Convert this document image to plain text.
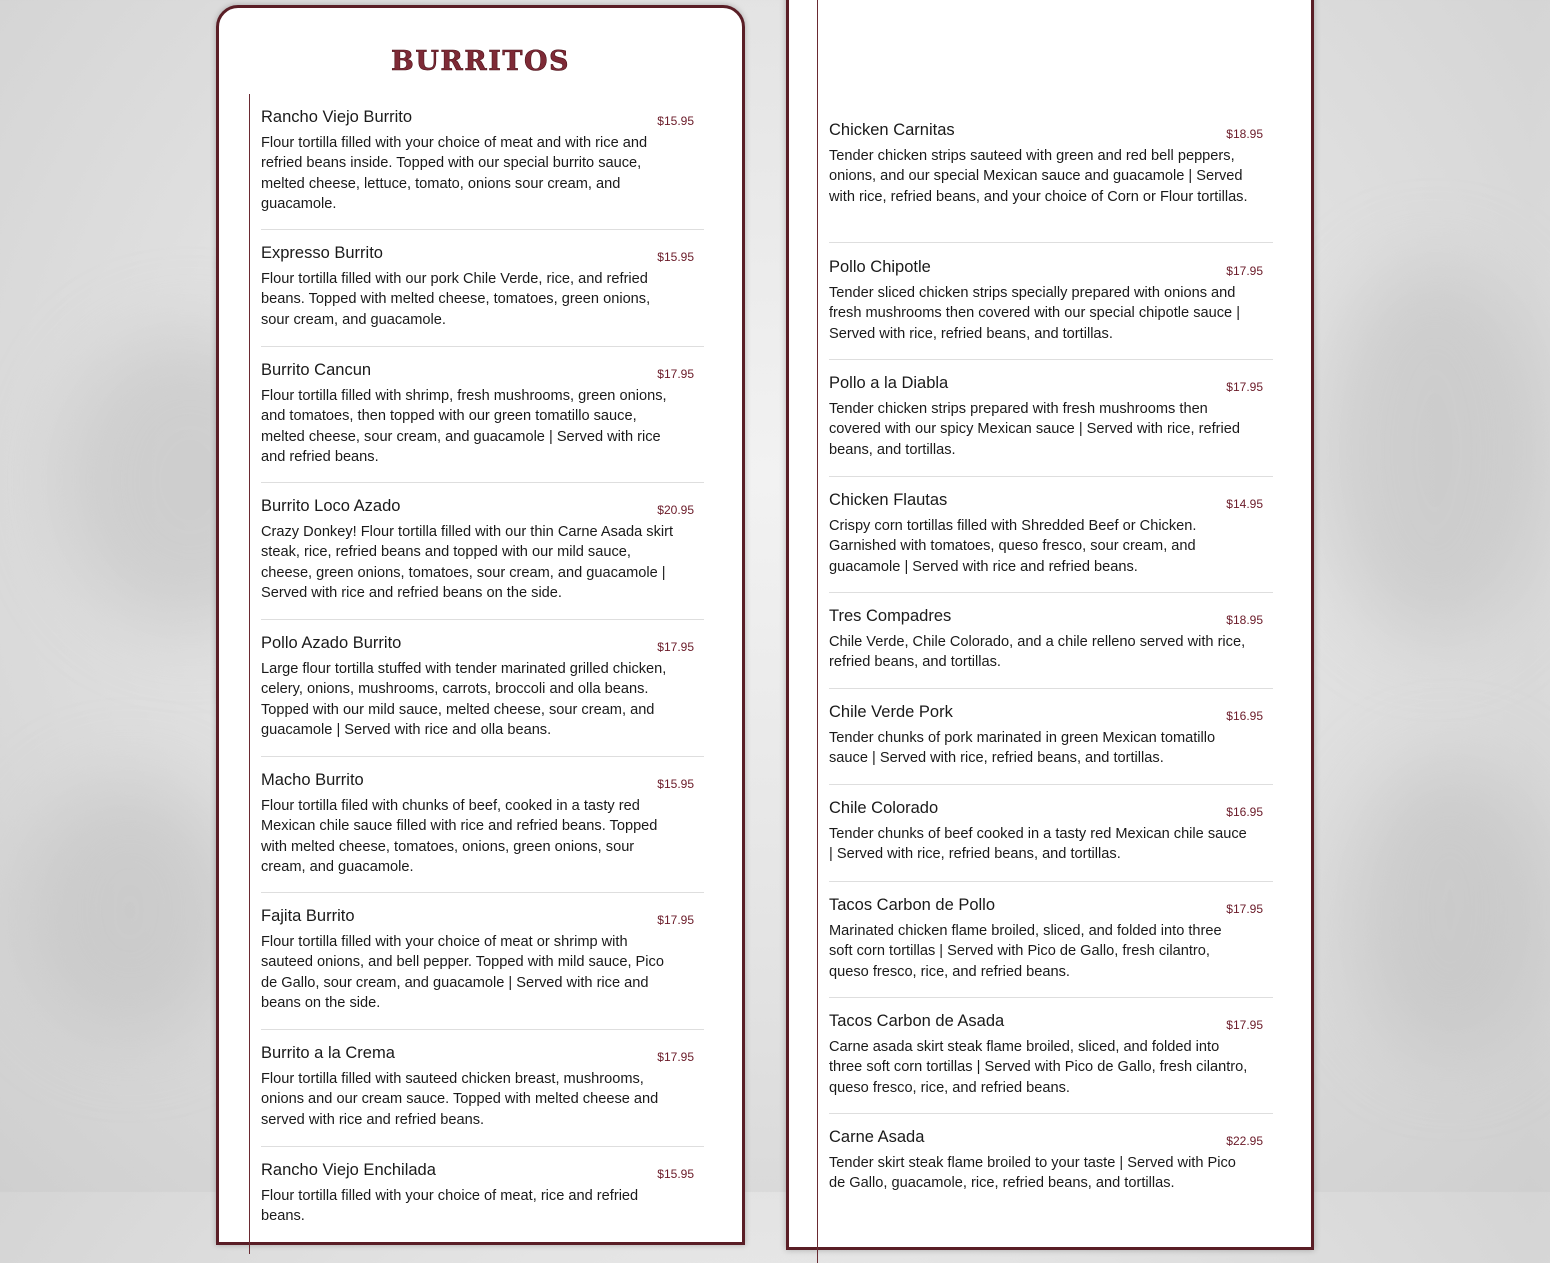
BURRITOS
Rancho Viejo Burrito	$15.95

Flour tortilla filled with your choice of meat and with rice and refried beans inside. Topped with our special burrito sauce, melted cheese, lettuce, tomato, onions sour cream, and guacamole.

Expresso Burrito	$15.95

Flour tortilla filled with our pork Chile Verde, rice, and refried beans. Topped with melted cheese, tomatoes, green onions, sour cream, and guacamole.

Burrito Cancun	$17.95

Flour tortilla filled with shrimp, fresh mushrooms, green onions, and tomatoes, then topped with our green tomatillo sauce, melted cheese, sour cream, and guacamole | Served with rice and refried beans.

Burrito Loco Azado	$20.95

Crazy Donkey! Flour tortilla filled with our thin Carne Asada skirt steak, rice, refried beans and topped with our mild sauce, cheese, green onions, tomatoes, sour cream, and guacamole | Served with rice and refried beans on the side.

Pollo Azado Burrito	$17.95

Large flour tortilla stuffed with tender marinated grilled chicken, celery, onions, mushrooms, carrots, broccoli and olla beans. Topped with our mild sauce, melted cheese, sour cream, and guacamole | Served with rice and olla beans.

Macho Burrito	$15.95

Flour tortilla filed with chunks of beef, cooked in a tasty red Mexican chile sauce filled with rice and refried beans. Topped with melted cheese, tomatoes, onions, green onions, sour cream, and guacamole.

Fajita Burrito	$17.95

Flour tortilla filled with your choice of meat or shrimp with sauteed onions, and bell pepper. Topped with mild sauce, Pico de Gallo, sour cream, and guacamole | Served with rice and beans on the side.

Burrito a la Crema	$17.95

Flour tortilla filled with sauteed chicken breast, mushrooms, onions and our cream sauce. Topped with melted cheese and served with rice and refried beans.

Rancho Viejo Enchilada	$15.95

Flour tortilla filled with your choice of meat, rice and refried beans.

Chicken Carnitas	$18.95

Tender chicken strips sauteed with green and red bell peppers, onions, and our special Mexican sauce and guacamole | Served with rice, refried beans, and your choice of Corn or Flour tortillas.

Pollo Chipotle	$17.95

Tender sliced chicken strips specially prepared with onions and fresh mushrooms then covered with our special chipotle sauce | Served with rice, refried beans, and tortillas.

Pollo a la Diabla	$17.95

Tender chicken strips prepared with fresh mushrooms then covered with our spicy Mexican sauce | Served with rice, refried beans, and tortillas.

Chicken Flautas	$14.95

Crispy corn tortillas filled with Shredded Beef or Chicken. Garnished with tomatoes, queso fresco, sour cream, and guacamole | Served with rice and refried beans.

Tres Compadres	$18.95

Chile Verde, Chile Colorado, and a chile relleno served with rice, refried beans, and tortillas.

Chile Verde Pork	$16.95

Tender chunks of pork marinated in green Mexican tomatillo sauce | Served with rice, refried beans, and tortillas.

Chile Colorado	$16.95

Tender chunks of beef cooked in a tasty red Mexican chile sauce | Served with rice, refried beans, and tortillas.

Tacos Carbon de Pollo	$17.95

Marinated chicken flame broiled, sliced, and folded into three soft corn tortillas | Served with Pico de Gallo, fresh cilantro, queso fresco, rice, and refried beans.

Tacos Carbon de Asada	$17.95

Carne asada skirt steak flame broiled, sliced, and folded into three soft corn tortillas | Served with Pico de Gallo, fresh cilantro, queso fresco, rice, and refried beans.

Carne Asada	$22.95

Tender skirt steak flame broiled to your taste | Served with Pico de Gallo, guacamole, rice, refried beans, and tortillas.
